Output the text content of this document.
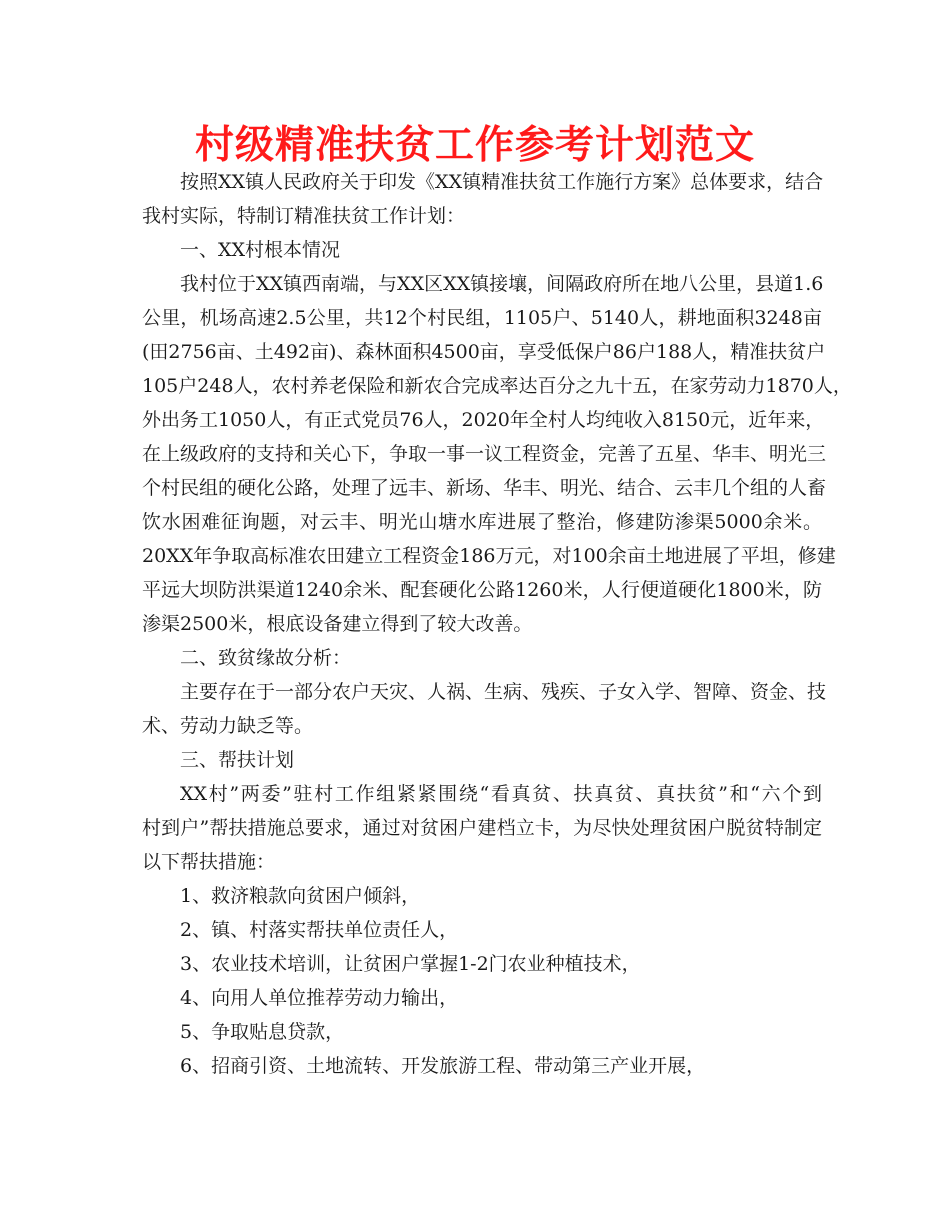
村级精准扶贫工作参考计划范文
按照XX镇人民政府关于印发《XX镇精准扶贫工作施行方案》总体要求，结合
我村实际，特制订精准扶贫工作计划：
一、XX村根本情况
我村位于XX镇西南端，与XX区XX镇接壤，间隔政府所在地八公里，县道1.6
公里，机场高速2.5公里，共12个村民组，1105户、5140人，耕地面积3248亩
(田2756亩、土492亩)、森林面积4500亩，享受低保户86户188人，精准扶贫户
105户248人，农村养老保险和新农合完成率达百分之九十五，在家劳动力1870人，
外出务工1050人，有正式党员76人，2020年全村人均纯收入8150元，近年来，
在上级政府的支持和关心下，争取一事一议工程资金，完善了五星、华丰、明光三
个村民组的硬化公路，处理了远丰、新场、华丰、明光、结合、云丰几个组的人畜
饮水困难征询题，对云丰、明光山塘水库进展了整治，修建防渗渠5000余米。
20XX年争取高标准农田建立工程资金186万元，对100余亩土地进展了平坦，修建
平远大坝防洪渠道1240余米、配套硬化公路1260米，人行便道硬化1800米，防
渗渠2500米，根底设备建立得到了较大改善。
二、致贫缘故分析：
主要存在于一部分农户天灾、人祸、生病、残疾、子女入学、智障、资金、技
术、劳动力缺乏等。
三、帮扶计划
XX村”两委”驻村工作组紧紧围绕“看真贫、扶真贫、真扶贫”和“六个到
村到户”帮扶措施总要求，通过对贫困户建档立卡，为尽快处理贫困户脱贫特制定
以下帮扶措施：
1、救济粮款向贫困户倾斜，
2、镇、村落实帮扶单位责任人，
3、农业技术培训，让贫困户掌握1-2门农业种植技术，
4、向用人单位推荐劳动力输出，
5、争取贴息贷款，
6、招商引资、土地流转、开发旅游工程、带动第三产业开展，
